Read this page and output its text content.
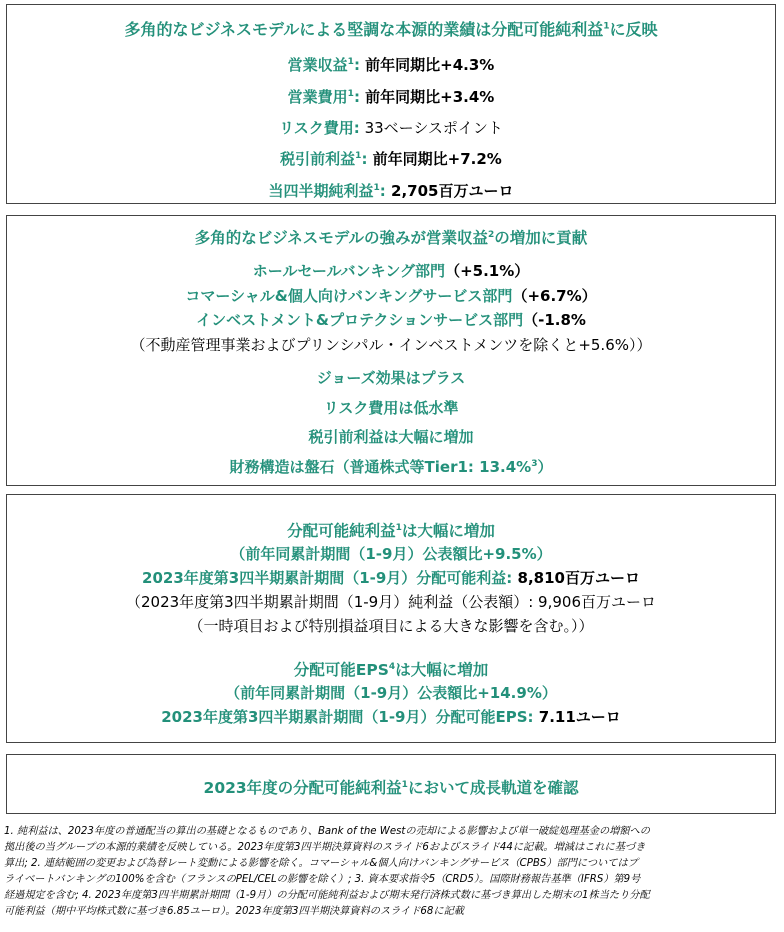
多角的なビジネスモデルによる堅調な本源的業績は分配可能純利益$^1$に反映
営業収益$^1$: 前年同期比+4.3%
営業費用$^1$: 前年同期比+3.4%
リスク費用: 33ベーシスポイント
税引前利益$^1$: 前年同期比+7.2%
当四半期純利益$^1$: 2,705百万ユーロ
多角的なビジネスモデルの強みが営業収益$^2$の増加に貢献
ホールセールバンキング部門（+5.1%）
コマーシャル&個人向けバンキングサービス部門（+6.7%）
インベストメント&プロテクションサービス部門（-1.8%
（不動産管理事業およびプリンシパル・インベストメンツを除くと+5.6%））
ジョーズ効果はプラス
リスク費用は低水準
税引前利益は大幅に増加
財務構造は盤石（普通株式等Tier1: 13.4%$^3$）
分配可能純利益$^1$は大幅に増加
（前年同累計期間（1-9月）公表額比+9.5%）
2023年度第3四半期累計期間（1-9月）分配可能利益: 8,810百万ユーロ
（2023年度第3四半期累計期間（1-9月）純利益（公表額）: 9,906百万ユーロ
（一時項目および特別損益項目による大きな影響を含む。））
分配可能EPS$^4$は大幅に増加
（前年同累計期間（1-9月）公表額比+14.9%）
2023年度第3四半期累計期間（1-9月）分配可能EPS: 7.11ユーロ
2023年度の分配可能純利益$^1$において成長軌道を確認
1. 純利益は、2023年度の普通配当の算出の基礎となるものであり、Bank of the Westの売却による影響および単一破綻処理基金の増額への
拠出後の当グループの本源的業績を反映している。2023年度第3四半期決算資料のスライド6およびスライド44に記載。増減はこれに基づき
算出; 2. 連結範囲の変更および為替レート変動による影響を除く。コマーシャル&個人向けバンキングサービス（CPBS）部門についてはプ
ライベートバンキングの100%を含む（フランスのPEL/CELの影響を除く）; 3. 資本要求指令5（CRD5）。国際財務報告基準（IFRS）第9号
経過規定を含む; 4. 2023年度第3四半期累計期間（1-9月）の分配可能純利益および期末発行済株式数に基づき算出した期末の1株当たり分配
可能利益（期中平均株式数に基づき6.85ユーロ）。2023年度第3四半期決算資料のスライド68に記載
